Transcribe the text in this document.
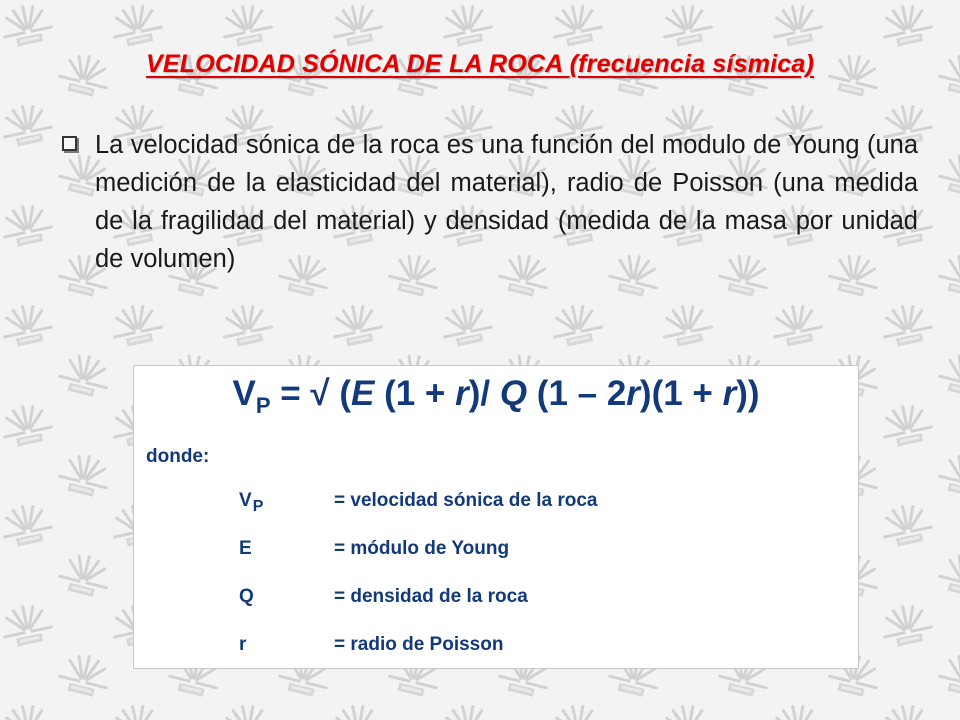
VELOCIDAD SÓNICA DE LA ROCA (frecuencia sísmica)
La velocidad sónica de la roca es una función del modulo de Young (una medición de la elasticidad del material), radio de Poisson (una medida de la fragilidad del material) y densidad (medida de la masa por unidad de volumen)
$V_P$ = √ (E (1 + r)/ Q (1 – 2r)(1 + r))
donde:
$V_P$	= velocidad sónica de la roca
E	= módulo de Young
Q	= densidad de la roca
r	= radio de Poisson
